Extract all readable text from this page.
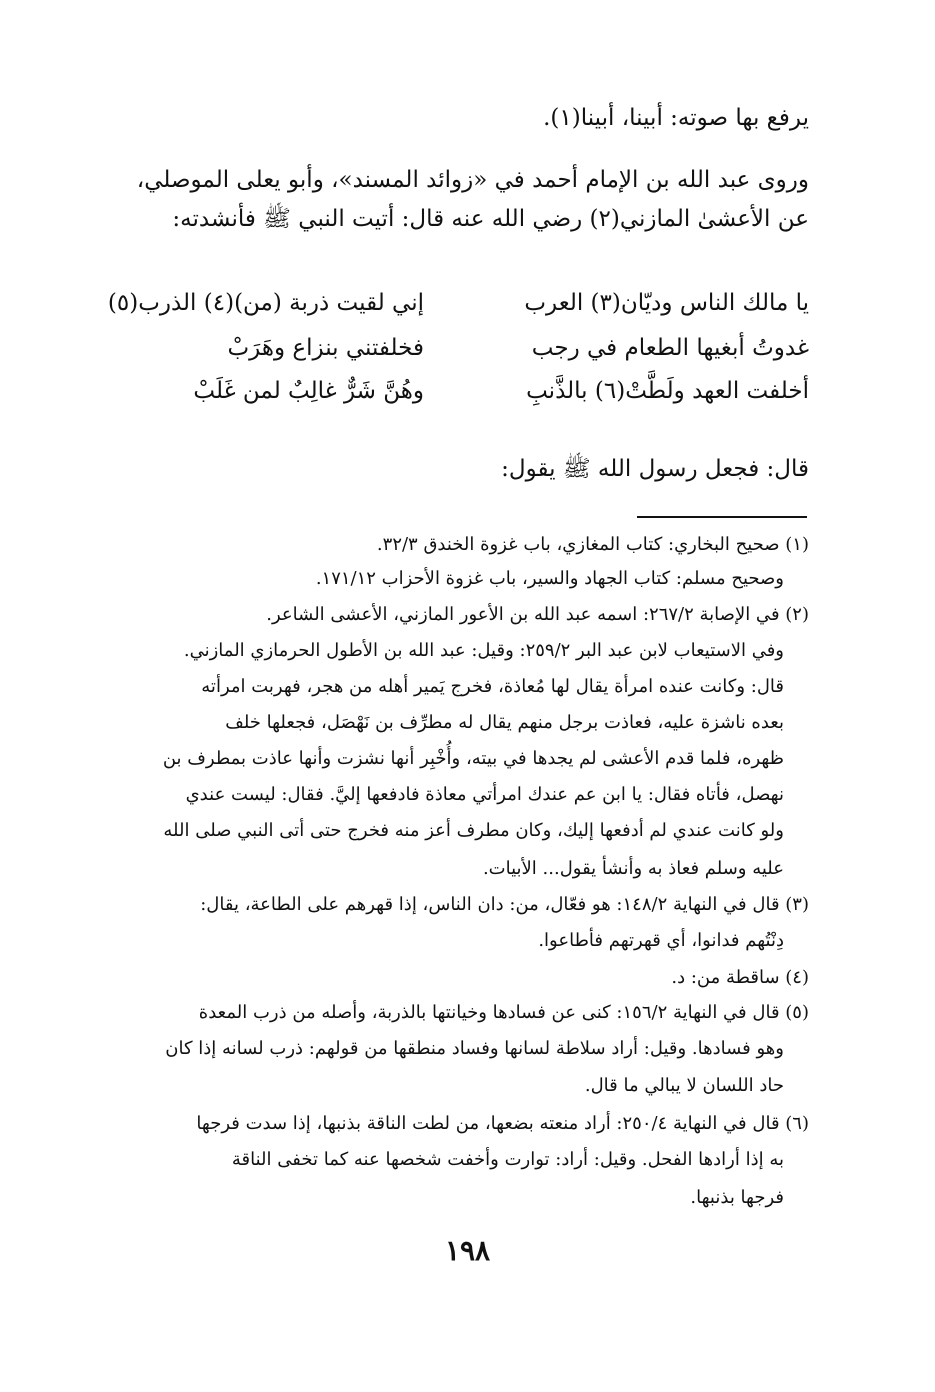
يرفع بها صوته: أبينا، أبينا(١).
وروى عبد الله بن الإمام أحمد في «زوائد المسند»، وأبو يعلى الموصلي،
عن الأعشىٰ المازني(٢) رضي الله عنه قال: أتيت النبي ﷺ فأنشدته:
يا مالك الناس وديّان(٣) العرب
إني لقيت ذربة (من)(٤) الذرب(٥)
غدوتُ أبغيها الطعام في رجب
فخلفتني بنزاع وهَرَبْ
أخلفت العهد ولَطَّتْ(٦) بالذَّنبِ
وهُنَّ شَرٌّ غالِبٌ لمن غَلَبْ
قال: فجعل رسول الله ﷺ يقول:
(١) صحيح البخاري: كتاب المغازي، باب غزوة الخندق ٣٢/٣.
وصحيح مسلم: كتاب الجهاد والسير، باب غزوة الأحزاب ١٧١/١٢.
(٢) في الإصابة ٢٦٧/٢: اسمه عبد الله بن الأعور المازني، الأعشى الشاعر.
وفي الاستيعاب لابن عبد البر ٢٥٩/٢: وقيل: عبد الله بن الأطول الحرمازي المازني.
قال: وكانت عنده امرأة يقال لها مُعاذة، فخرج يَمير أهله من هجر، فهربت امرأته
بعده ناشزة عليه، فعاذت برجل منهم يقال له مطرِّف بن نَهْصَل، فجعلها خلف
ظهره، فلما قدم الأعشى لم يجدها في بيته، وأُخْبِر أنها نشزت وأنها عاذت بمطرف بن
نهصل، فأتاه فقال: يا ابن عم عندك امرأتي معاذة فادفعها إليَّ. فقال: ليست عندي
ولو كانت عندي لم أدفعها إليك، وكان مطرف أعز منه فخرج حتى أتى النبي صلى الله
عليه وسلم فعاذ به وأنشأ يقول... الأبيات.
(٣) قال في النهاية ١٤٨/٢: هو فعّال، من: دان الناس، إذا قهرهم على الطاعة، يقال:
دِنْتُهم فدانوا، أي قهرتهم فأطاعوا.
(٤) ساقطة من: د.
(٥) قال في النهاية ١٥٦/٢: كنى عن فسادها وخيانتها بالذربة، وأصله من ذرب المعدة
وهو فسادها. وقيل: أراد سلاطة لسانها وفساد منطقها من قولهم: ذرب لسانه إذا كان
حاد اللسان لا يبالي ما قال.
(٦) قال في النهاية ٢٥٠/٤: أراد منعته بضعها، من لطت الناقة بذنبها، إذا سدت فرجها
به إذا أرادها الفحل. وقيل: أراد: توارت وأخفت شخصها عنه كما تخفى الناقة
فرجها بذنبها.
١٩٨
